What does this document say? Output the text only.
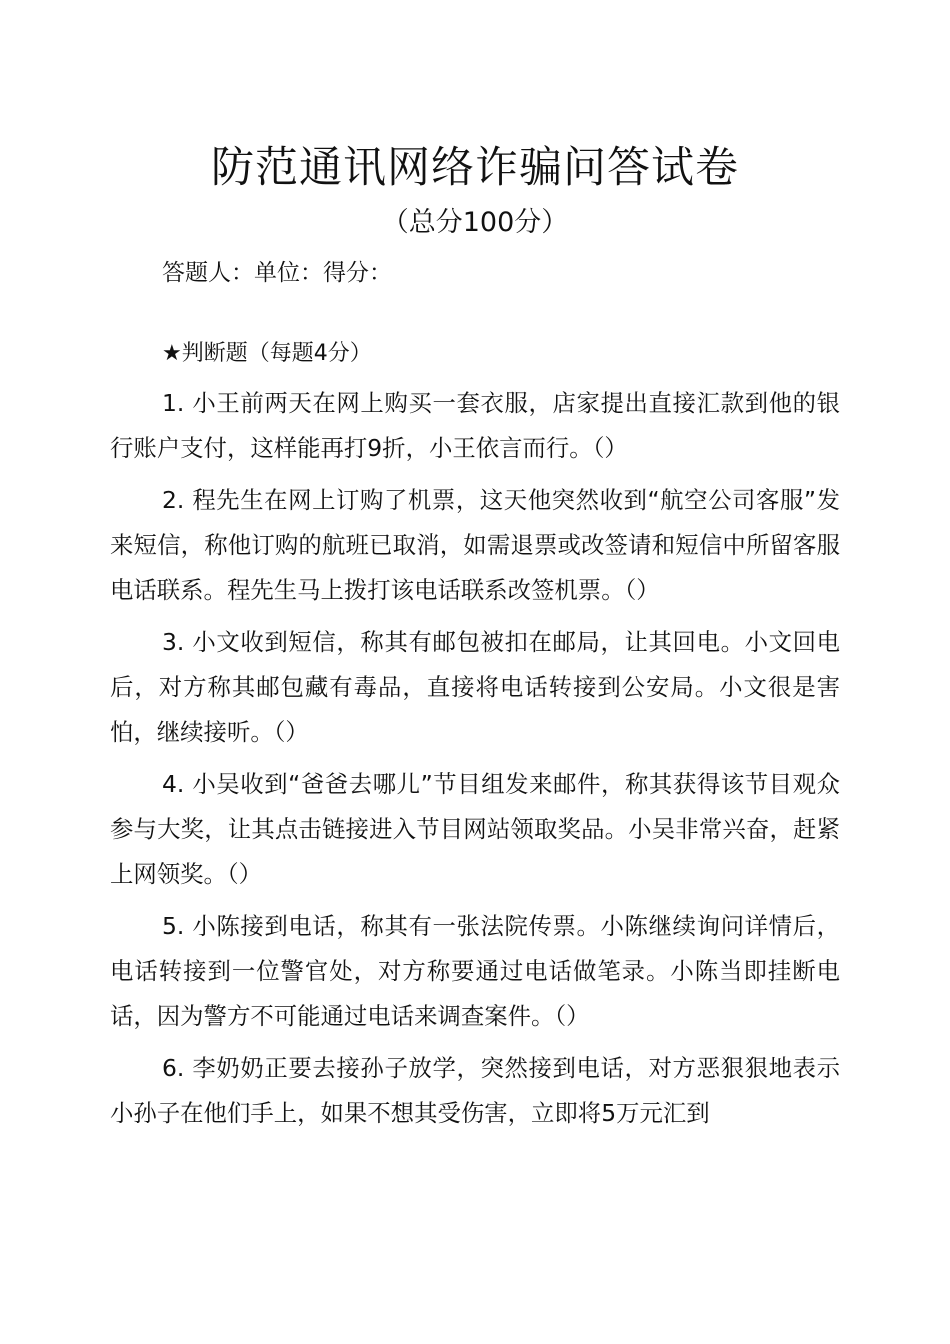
防范通讯网络诈骗问答试卷
（总分100分）
答题人：单位：得分：
★判断题（每题4分）

1. 小王前两天在网上购买一套衣服，店家提出直接汇款到他的银行账户支付，这样能再打9折，小王依言而行。（）

2. 程先生在网上订购了机票，这天他突然收到“航空公司客服”发来短信，称他订购的航班已取消，如需退票或改签请和短信中所留客服电话联系。程先生马上拨打该电话联系改签机票。（）

3. 小文收到短信，称其有邮包被扣在邮局，让其回电。小文回电后，对方称其邮包藏有毒品，直接将电话转接到公安局。小文很是害怕，继续接听。（）

4. 小吴收到“爸爸去哪儿”节目组发来邮件，称其获得该节目观众参与大奖，让其点击链接进入节目网站领取奖品。小吴非常兴奋，赶紧上网领奖。（）

5. 小陈接到电话，称其有一张法院传票。小陈继续询问详情后，电话转接到一位警官处，对方称要通过电话做笔录。小陈当即挂断电话，因为警方不可能通过电话来调查案件。（）

6. 李奶奶正要去接孙子放学，突然接到电话，对方恶狠狠地表示小孙子在他们手上，如果不想其受伤害，立即将5万元汇到
